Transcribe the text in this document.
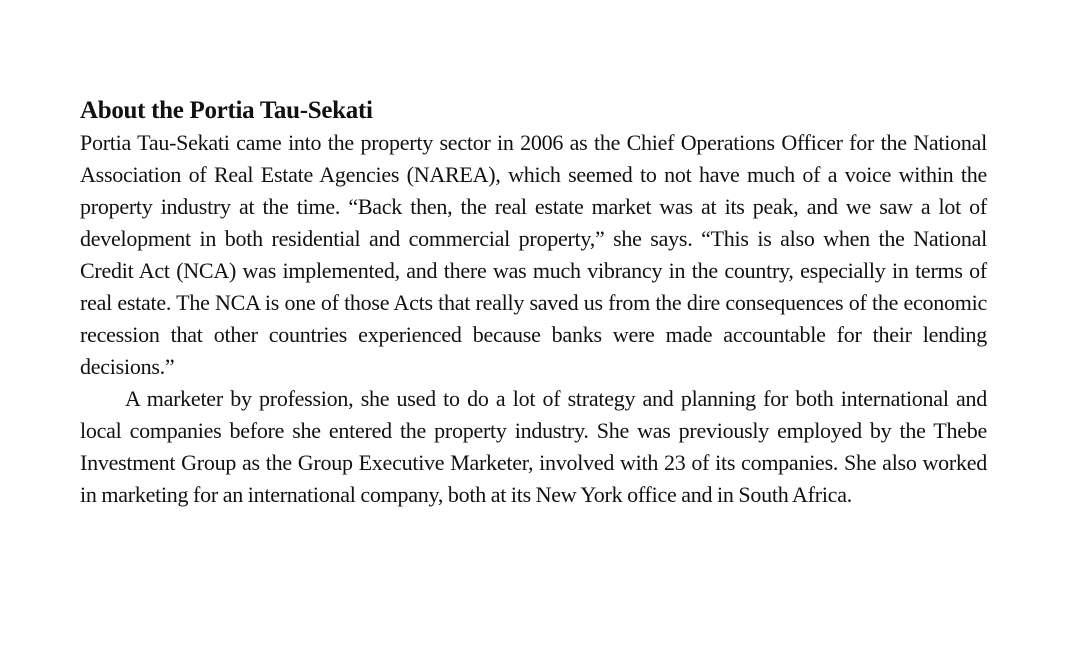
About the Portia Tau-Sekati

Portia Tau-Sekati came into the property sector in 2006 as the Chief Operations Officer for the National Association of Real Estate Agencies (NAREA), which seemed to not have much of a voice within the property industry at the time. “Back then, the real estate market was at its peak, and we saw a lot of development in both residential and commercial property,” she says. “This is also when the National Credit Act (NCA) was implemented, and there was much vibrancy in the country, especially in terms of real estate. The NCA is one of those Acts that really saved us from the dire consequences of the economic recession that other countries experienced because banks were made accountable for their lending decisions.”

A marketer by profession, she used to do a lot of strategy and planning for both international and local companies before she entered the property industry. She was previously employed by the Thebe Investment Group as the Group Executive Marketer, involved with 23 of its companies. She also worked in marketing for an international company, both at its New York office and in South Africa.
